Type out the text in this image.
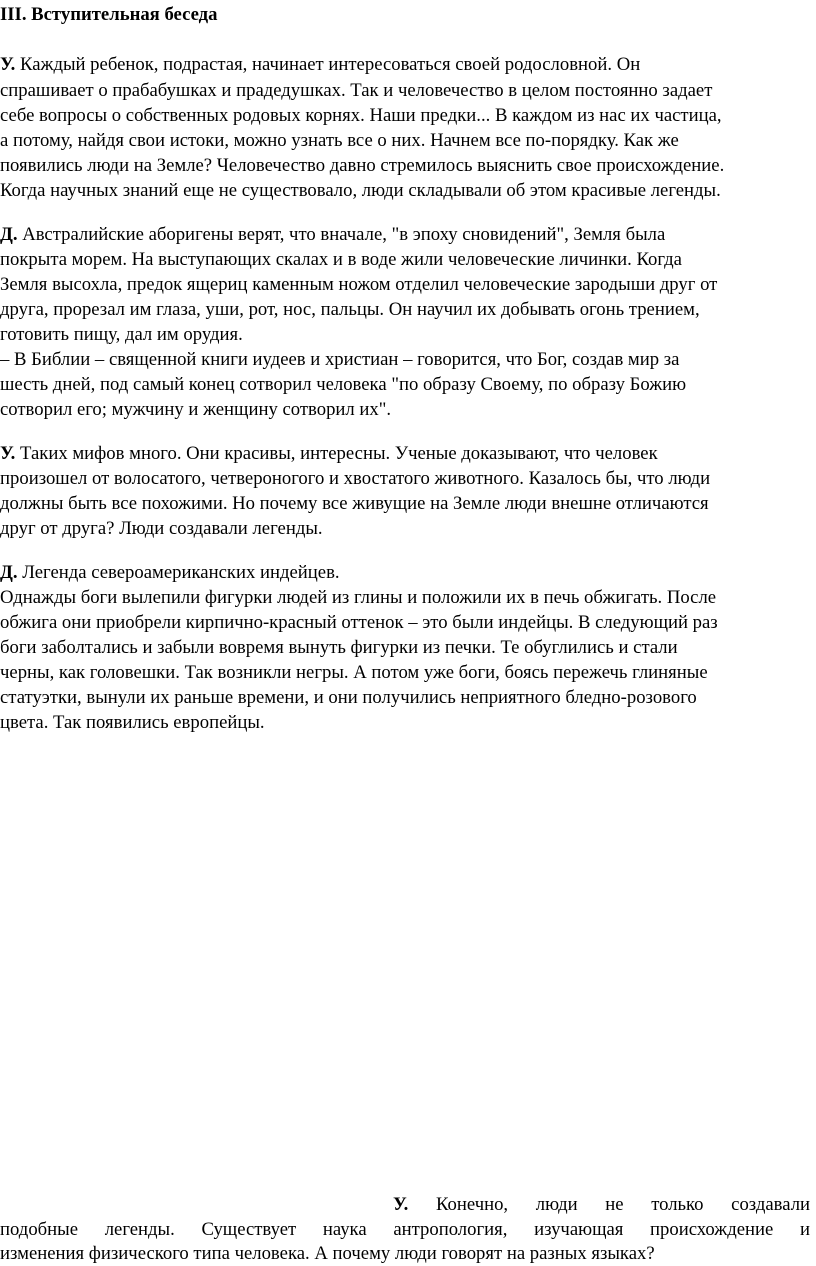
III. Вступительная беседа
У. Каждый ребенок, подрастая, начинает интересоваться своей родословной. Он
спрашивает о прабабушках и прадедушках. Так и человечество в целом постоянно задает
себе вопросы о собственных родовых корнях. Наши предки... В каждом из нас их частица,
а потому, найдя свои истоки, можно узнать все о них. Начнем все по-порядку. Как же
появились люди на Земле? Человечество давно стремилось выяснить свое происхождение.
Когда научных знаний еще не существовало, люди складывали об этом красивые легенды.
Д. Австралийские аборигены верят, что вначале, "в эпоху сновидений", Земля была
покрыта морем. На выступающих скалах и в воде жили человеческие личинки. Когда
Земля высохла, предок ящериц каменным ножом отделил человеческие зародыши друг от
друга, прорезал им глаза, уши, рот, нос, пальцы. Он научил их добывать огонь трением,
готовить пищу, дал им орудия.
– В Библии – священной книги иудеев и христиан – говорится, что Бог, создав мир за
шесть дней, под самый конец сотворил человека "по образу Своему, по образу Божию
сотворил его; мужчину и женщину сотворил их".
У. Таких мифов много. Они красивы, интересны. Ученые доказывают, что человек
произошел от волосатого, четвероногого и хвостатого животного. Казалось бы, что люди
должны быть все похожими. Но почему все живущие на Земле люди внешне отличаются
друг от друга? Люди создавали легенды.
Д. Легенда североамериканских индейцев.
Однажды боги вылепили фигурки людей из глины и положили их в печь обжигать. После
обжига они приобрели кирпично-красный оттенок – это были индейцы. В следующий раз
боги заболтались и забыли вовремя вынуть фигурки из печки. Те обуглились и стали
черны, как головешки. Так возникли негры. А потом уже боги, боясь пережечь глиняные
статуэтки, вынули их раньше времени, и они получились неприятного бледно-розового
цвета. Так появились европейцы.
У. Конечно, люди не только создавали
подобные легенды. Существует наука антропология, изучающая происхождение и
изменения физического типа человека. А почему люди говорят на разных языках?
